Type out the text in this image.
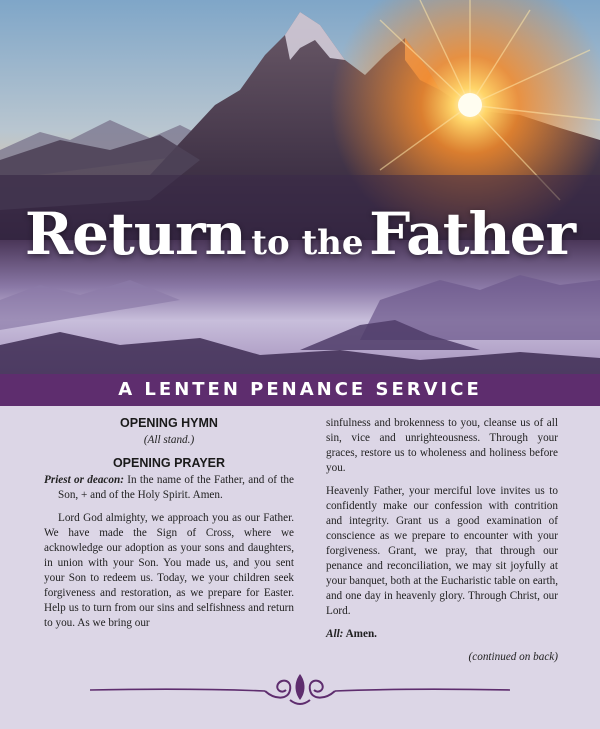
Return to the Father
A LENTEN PENANCE SERVICE

OPENING HYMN

(All stand.)

OPENING PRAYER

Priest or deacon: In the name of the Father, and of the Son, + and of the Holy Spirit. Amen.

Lord God almighty, we approach you as our Father. We have made the Sign of Cross, where we acknowledge our adoption as your sons and daughters, in union with your Son. You made us, and you sent your Son to redeem us. Today, we your children seek forgiveness and restoration, as we prepare for Easter. Help us to turn from our sins and selfishness and return to you. As we bring our

sinfulness and brokenness to you, cleanse us of all sin, vice and unrighteousness. Through your graces, restore us to wholeness and holiness before you.

Heavenly Father, your merciful love invites us to confidently make our confession with contrition and integrity. Grant us a good examination of conscience as we prepare to encounter with your forgiveness. Grant, we pray, that through our penance and reconciliation, we may sit joyfully at your banquet, both at the Eucharistic table on earth, and one day in heavenly glory. Through Christ, our Lord.

All: Amen.

(continued on back)
